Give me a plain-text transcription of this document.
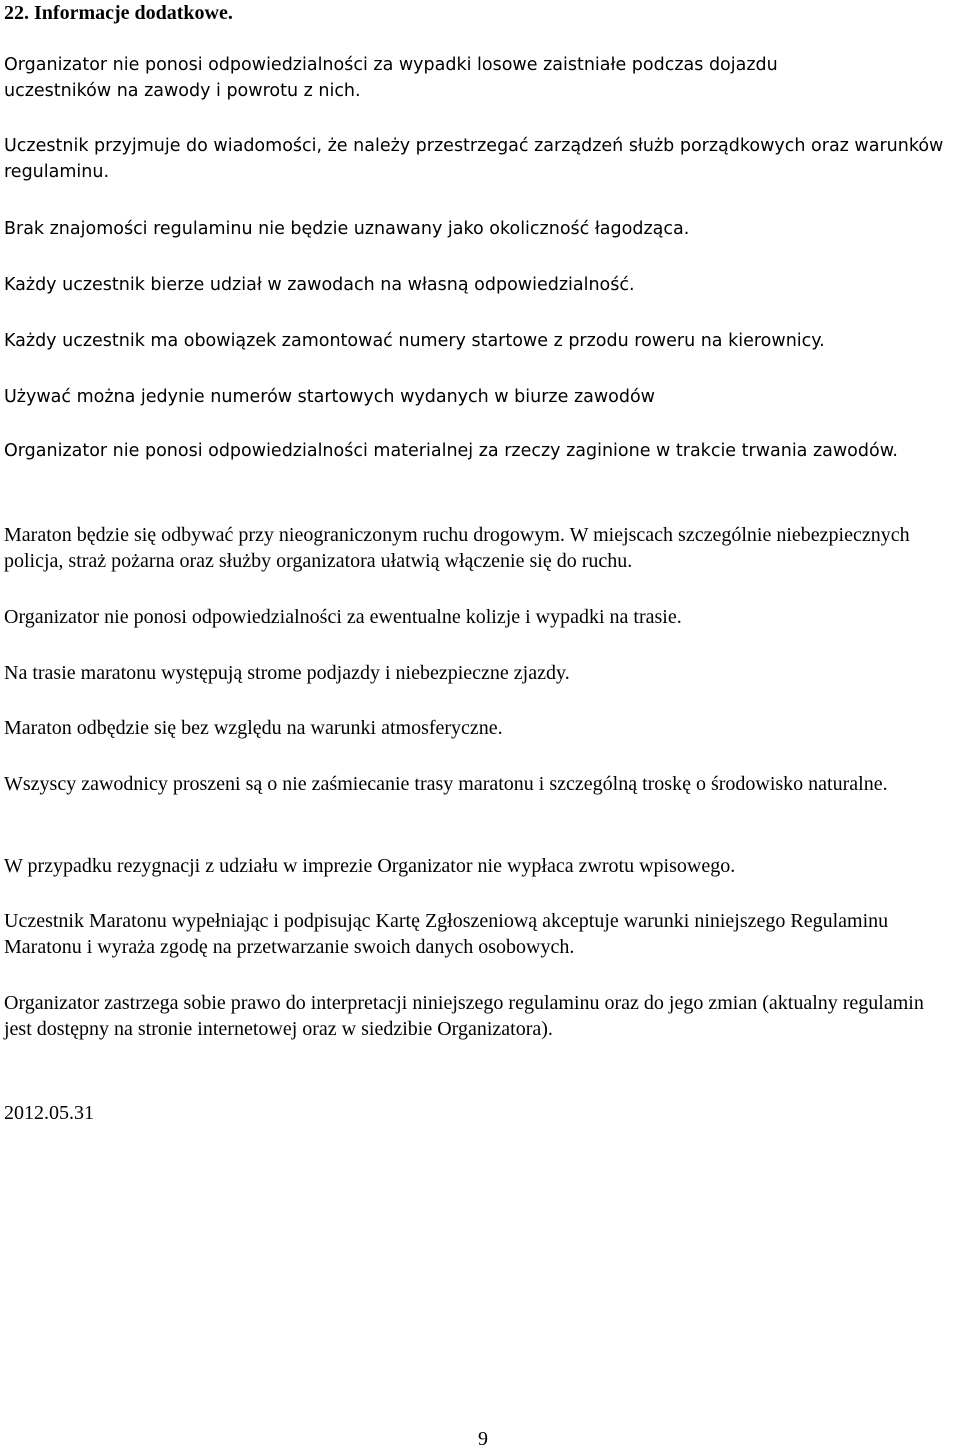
22. Informacje dodatkowe.

Organizator nie ponosi odpowiedzialności za wypadki losowe zaistniałe podczas dojazdu uczestników na zawody i powrotu z nich.

Uczestnik przyjmuje do wiadomości, że należy przestrzegać zarządzeń służb porządkowych oraz warunków regulaminu.

Brak znajomości regulaminu nie będzie uznawany jako okoliczność łagodząca.

Każdy uczestnik bierze udział w zawodach na własną odpowiedzialność.

Każdy uczestnik ma obowiązek zamontować numery startowe z przodu roweru na kierownicy.

Używać można jedynie numerów startowych wydanych w biurze zawodów

Organizator nie ponosi odpowiedzialności materialnej za rzeczy zaginione w trakcie trwania zawodów.

Maraton będzie się odbywać przy nieograniczonym ruchu drogowym. W miejscach szczególnie niebezpiecznych policja, straż pożarna oraz służby organizatora ułatwią włączenie się do ruchu.

Organizator nie ponosi odpowiedzialności za ewentualne kolizje i wypadki na trasie.

Na trasie maratonu występują strome podjazdy i niebezpieczne zjazdy.

Maraton odbędzie się bez względu na warunki atmosferyczne.

Wszyscy zawodnicy proszeni są o nie zaśmiecanie trasy maratonu i szczególną troskę o środowisko naturalne.

W przypadku rezygnacji z udziału w imprezie Organizator nie wypłaca zwrotu wpisowego.

Uczestnik Maratonu wypełniając i podpisując Kartę Zgłoszeniową akceptuje warunki niniejszego Regulaminu Maratonu i wyraża zgodę na przetwarzanie swoich danych osobowych.

Organizator zastrzega sobie prawo do interpretacji niniejszego regulaminu oraz do jego zmian (aktualny regulamin jest dostępny na stronie internetowej oraz w siedzibie Organizatora).

2012.05.31
9
